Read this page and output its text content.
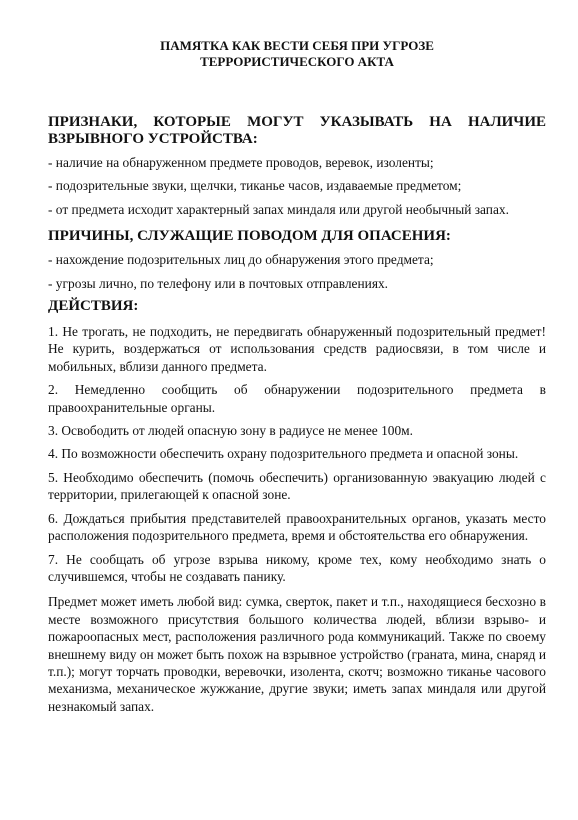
ПАМЯТКА КАК ВЕСТИ СЕБЯ ПРИ УГРОЗЕ
ТЕРРОРИСТИЧЕСКОГО АКТА
ПРИЗНАКИ, КОТОРЫЕ МОГУТ УКАЗЫВАТЬ НА НАЛИЧИЕ ВЗРЫВНОГО УСТРОЙСТВА:

- наличие на обнаруженном предмете проводов, веревок, изоленты;

- подозрительные звуки, щелчки, тиканье часов, издаваемые предметом;

- от предмета исходит характерный запах миндаля или другой необычный запах.

ПРИЧИНЫ, СЛУЖАЩИЕ ПОВОДОМ ДЛЯ ОПАСЕНИЯ:

- нахождение подозрительных лиц до обнаружения этого предмета;

- угрозы лично, по телефону или в почтовых отправлениях.

ДЕЙСТВИЯ:

1. Не трогать, не подходить, не передвигать обнаруженный подозрительный предмет! Не курить, воздержаться от использования средств радиосвязи, в том числе и мобильных, вблизи данного предмета.

2. Немедленно сообщить об обнаружении подозрительного предмета в правоохранительные органы.

3. Освободить от людей опасную зону в радиусе не менее 100м.

4. По возможности обеспечить охрану подозрительного предмета и опасной зоны.

5. Необходимо обеспечить (помочь обеспечить) организованную эвакуацию людей с территории, прилегающей к опасной зоне.

6. Дождаться прибытия представителей правоохранительных органов, указать место расположения подозрительного предмета, время и обстоятельства его обнаружения.

7. Не сообщать об угрозе взрыва никому, кроме тех, кому необходимо знать о случившемся, чтобы не создавать панику.

Предмет может иметь любой вид: сумка, сверток, пакет и т.п., находящиеся бесхозно в месте возможного присутствия большого количества людей, вблизи взрыво- и пожароопасных мест, расположения различного рода коммуникаций. Также по своему внешнему виду он может быть похож на взрывное устройство (граната, мина, снаряд и т.п.); могут торчать проводки, веревочки, изолента, скотч; возможно тиканье часового механизма, механическое жужжание, другие звуки; иметь запах миндаля или другой незнакомый запах.
